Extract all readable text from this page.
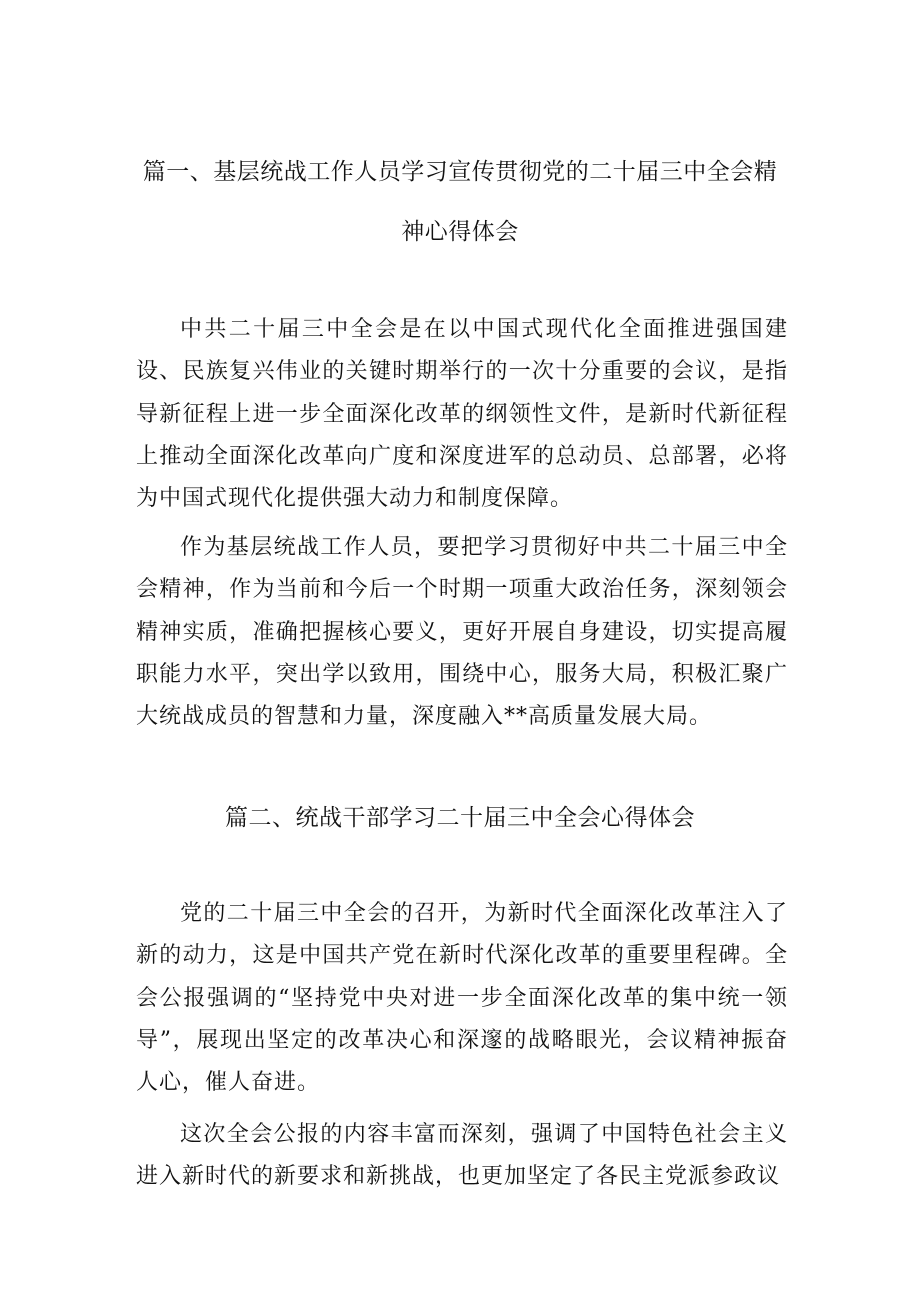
篇一、基层统战工作人员学习宣传贯彻党的二十届三中全会精神心得体会

中共二十届三中全会是在以中国式现代化全面推进强国建设、民族复兴伟业的关键时期举行的一次十分重要的会议，是指导新征程上进一步全面深化改革的纲领性文件，是新时代新征程上推动全面深化改革向广度和深度进军的总动员、总部署，必将为中国式现代化提供强大动力和制度保障。

作为基层统战工作人员，要把学习贯彻好中共二十届三中全会精神，作为当前和今后一个时期一项重大政治任务，深刻领会精神实质，准确把握核心要义，更好开展自身建设，切实提高履职能力水平，突出学以致用，围绕中心，服务大局，积极汇聚广大统战成员的智慧和力量，深度融入**高质量发展大局。

篇二、统战干部学习二十届三中全会心得体会

党的二十届三中全会的召开，为新时代全面深化改革注入了新的动力，这是中国共产党在新时代深化改革的重要里程碑。全会公报强调的“坚持党中央对进一步全面深化改革的集中统一领导”，展现出坚定的改革决心和深邃的战略眼光，会议精神振奋人心，催人奋进。

这次全会公报的内容丰富而深刻，强调了中国特色社会主义进入新时代的新要求和新挑战，也更加坚定了各民主党派参政议
